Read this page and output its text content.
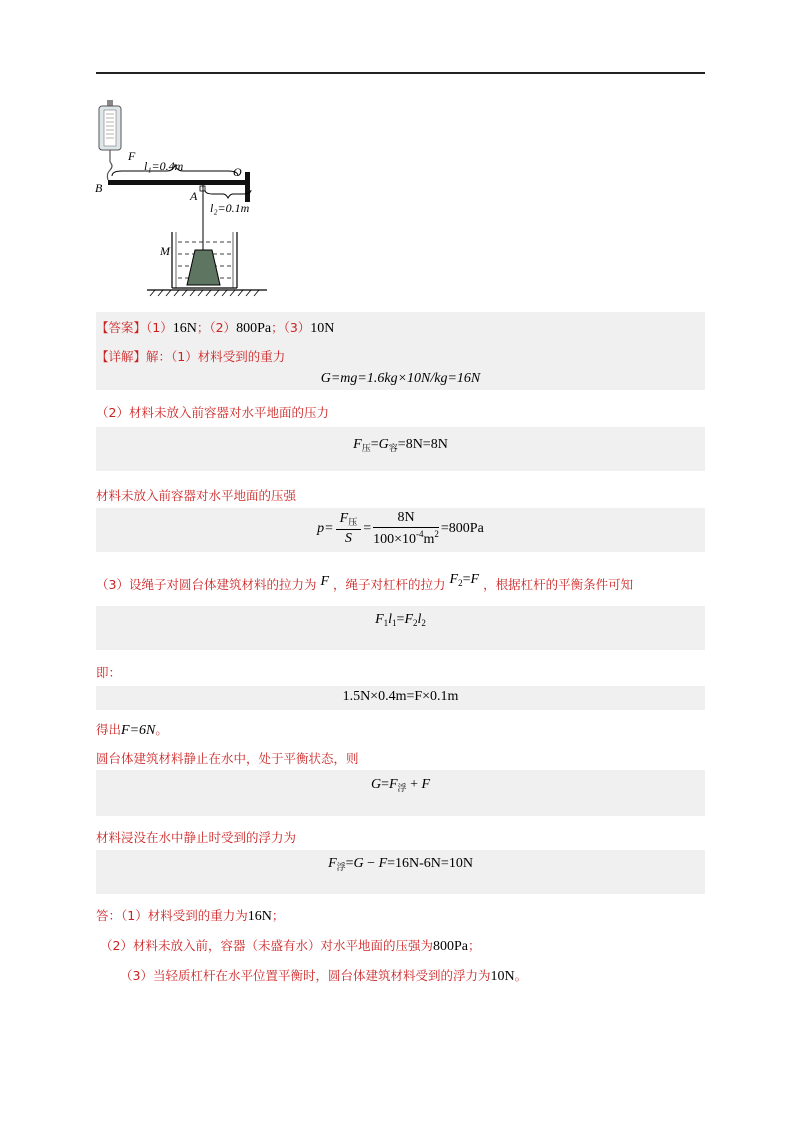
F
l₁=0.4m	O
B
A
l₂=0.1m
M
【答案】（1）16N；（2）800Pa；（3）10N
【详解】解：（1）材料受到的重力
G=mg=1.6kg×10N/kg=16N
（2）材料未放入前容器对水平地面的压力
$F_压=G_容=8N=8N$
材料未放入前容器对水平地面的压强
$p= \frac{F_压}{S} = \frac{8N}{100\times 10^{-4}m^2} =800Pa$
（3）设绳子对圆台体建筑材料的拉力为 F ，绳子对杠杆的拉力 $F_2=F$ ，根据杠杆的平衡条件可知
$F_1l_1=F_2l_2$
即：
1.5N×0.4m=F×0.1m
得出F=6N。
圆台体建筑材料静止在水中，处于平衡状态，则
$G=F_浮 + F$
材料浸没在水中静止时受到的浮力为
$F_浮=G - F=16N-6N=10N$
答：（1）材料受到的重力为16N；
（2）材料未放入前，容器（未盛有水）对水平地面的压强为800Pa；
（3）当轻质杠杆在水平位置平衡时，圆台体建筑材料受到的浮力为10N。
